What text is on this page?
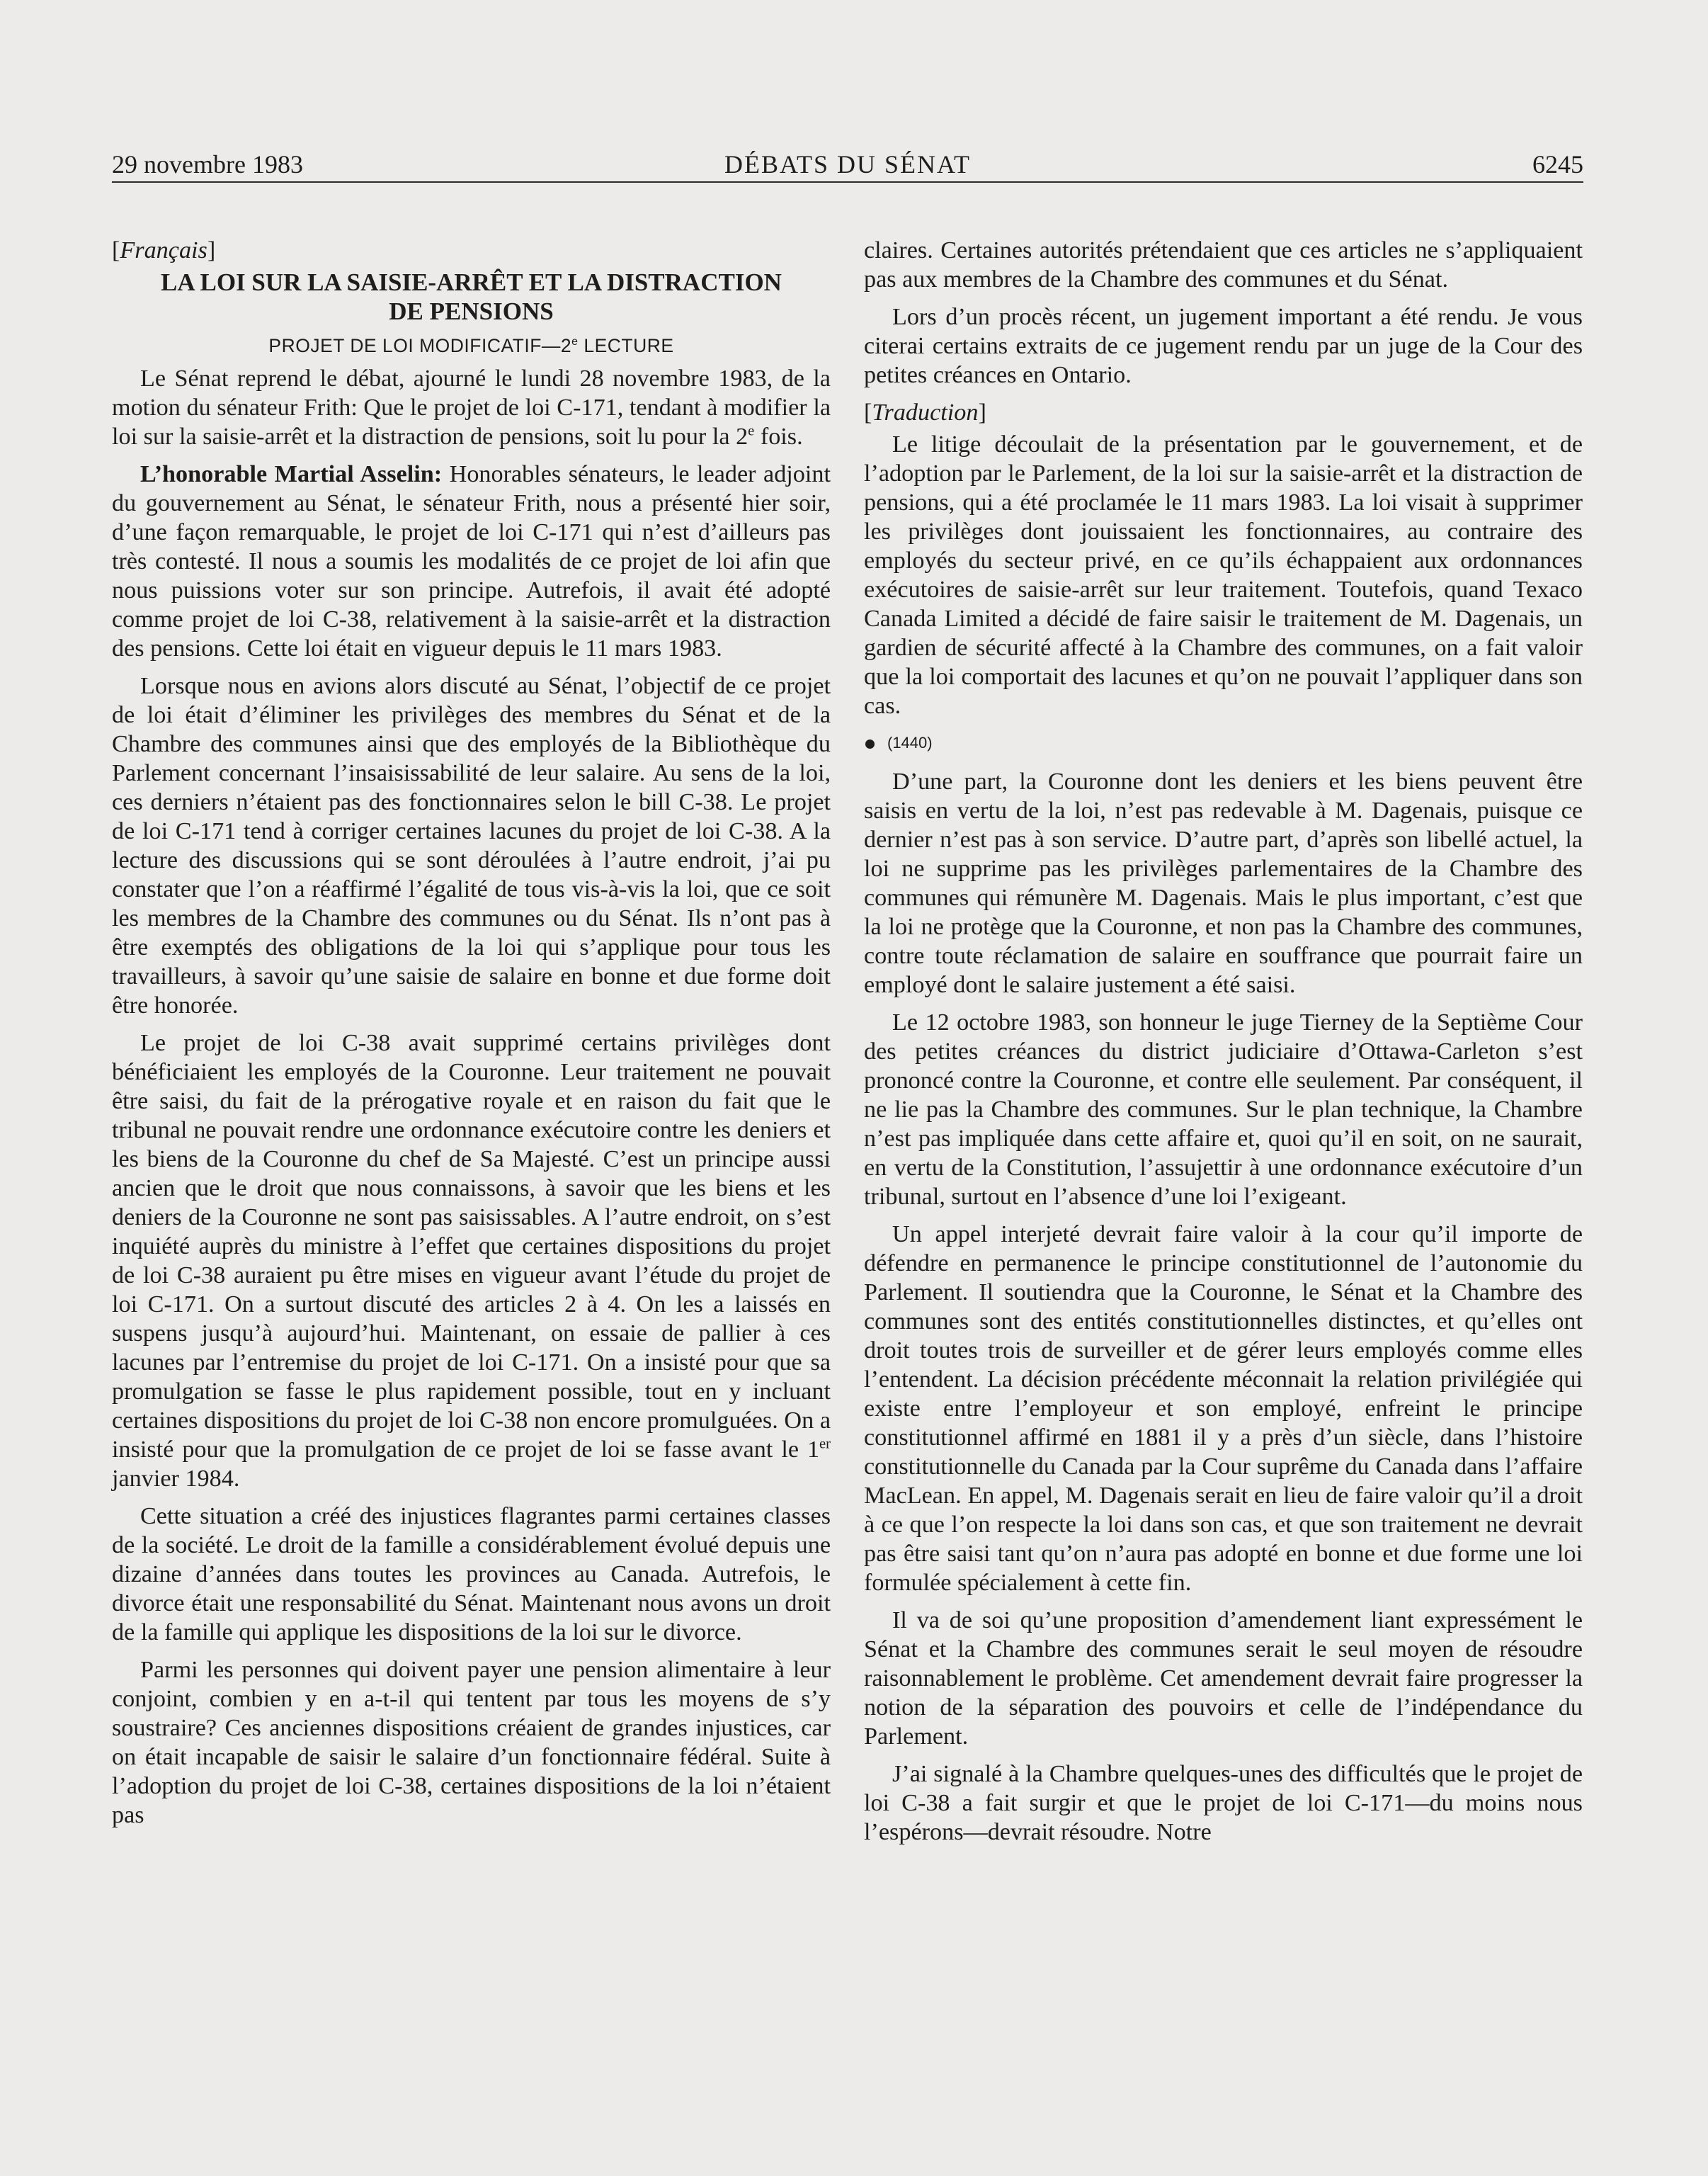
29 novembre 1983	DÉBATS DU SÉNAT	6245

[Français]

LA LOI SUR LA SAISIE-ARRÊT ET LA DISTRACTION
DE PENSIONS
PROJET DE LOI MODIFICATIF—2e LECTURE

Le Sénat reprend le débat, ajourné le lundi 28 novembre 1983, de la motion du sénateur Frith: Que le projet de loi C-171, tendant à modifier la loi sur la saisie-arrêt et la distraction de pensions, soit lu pour la 2e fois.

L’honorable Martial Asselin: Honorables sénateurs, le leader adjoint du gouvernement au Sénat, le sénateur Frith, nous a présenté hier soir, d’une façon remarquable, le projet de loi C-171 qui n’est d’ailleurs pas très contesté. Il nous a soumis les modalités de ce projet de loi afin que nous puissions voter sur son principe. Autrefois, il avait été adopté comme projet de loi C-38, relativement à la saisie-arrêt et la distraction des pensions. Cette loi était en vigueur depuis le 11 mars 1983.

Lorsque nous en avions alors discuté au Sénat, l’objectif de ce projet de loi était d’éliminer les privilèges des membres du Sénat et de la Chambre des communes ainsi que des employés de la Bibliothèque du Parlement concernant l’insaisissabilité de leur salaire. Au sens de la loi, ces derniers n’étaient pas des fonctionnaires selon le bill C-38. Le projet de loi C-171 tend à corriger certaines lacunes du projet de loi C-38. A la lecture des discussions qui se sont déroulées à l’autre endroit, j’ai pu constater que l’on a réaffirmé l’égalité de tous vis-à-vis la loi, que ce soit les membres de la Chambre des communes ou du Sénat. Ils n’ont pas à être exemptés des obligations de la loi qui s’applique pour tous les travailleurs, à savoir qu’une saisie de salaire en bonne et due forme doit être honorée.

Le projet de loi C-38 avait supprimé certains privilèges dont bénéficiaient les employés de la Couronne. Leur traitement ne pouvait être saisi, du fait de la prérogative royale et en raison du fait que le tribunal ne pouvait rendre une ordonnance exécutoire contre les deniers et les biens de la Couronne du chef de Sa Majesté. C’est un principe aussi ancien que le droit que nous connaissons, à savoir que les biens et les deniers de la Couronne ne sont pas saisissables. A l’autre endroit, on s’est inquiété auprès du ministre à l’effet que certaines dispositions du projet de loi C-38 auraient pu être mises en vigueur avant l’étude du projet de loi C-171. On a surtout discuté des articles 2 à 4. On les a laissés en suspens jusqu’à aujourd’hui. Maintenant, on essaie de pallier à ces lacunes par l’entremise du projet de loi C-171. On a insisté pour que sa promulgation se fasse le plus rapidement possible, tout en y incluant certaines dispositions du projet de loi C-38 non encore promulguées. On a insisté pour que la promulgation de ce projet de loi se fasse avant le 1er janvier 1984.

Cette situation a créé des injustices flagrantes parmi certaines classes de la société. Le droit de la famille a considérablement évolué depuis une dizaine d’années dans toutes les provinces au Canada. Autrefois, le divorce était une responsabilité du Sénat. Maintenant nous avons un droit de la famille qui applique les dispositions de la loi sur le divorce.

Parmi les personnes qui doivent payer une pension alimentaire à leur conjoint, combien y en a-t-il qui tentent par tous les moyens de s’y soustraire? Ces anciennes dispositions créaient de grandes injustices, car on était incapable de saisir le salaire d’un fonctionnaire fédéral. Suite à l’adoption du projet de loi C-38, certaines dispositions de la loi n’étaient pas

claires. Certaines autorités prétendaient que ces articles ne s’appliquaient pas aux membres de la Chambre des communes et du Sénat.

Lors d’un procès récent, un jugement important a été rendu. Je vous citerai certains extraits de ce jugement rendu par un juge de la Cour des petites créances en Ontario.

[Traduction]

Le litige découlait de la présentation par le gouvernement, et de l’adoption par le Parlement, de la loi sur la saisie-arrêt et la distraction de pensions, qui a été proclamée le 11 mars 1983. La loi visait à supprimer les privilèges dont jouissaient les fonctionnaires, au contraire des employés du secteur privé, en ce qu’ils échappaient aux ordonnances exécutoires de saisie-arrêt sur leur traitement. Toutefois, quand Texaco Canada Limited a décidé de faire saisir le traitement de M. Dagenais, un gardien de sécurité affecté à la Chambre des communes, on a fait valoir que la loi comportait des lacunes et qu’on ne pouvait l’appliquer dans son cas.

(1440)

D’une part, la Couronne dont les deniers et les biens peuvent être saisis en vertu de la loi, n’est pas redevable à M. Dagenais, puisque ce dernier n’est pas à son service. D’autre part, d’après son libellé actuel, la loi ne supprime pas les privilèges parlementaires de la Chambre des communes qui rémunère M. Dagenais. Mais le plus important, c’est que la loi ne protège que la Couronne, et non pas la Chambre des communes, contre toute réclamation de salaire en souffrance que pourrait faire un employé dont le salaire justement a été saisi.

Le 12 octobre 1983, son honneur le juge Tierney de la Septième Cour des petites créances du district judiciaire d’Ottawa-Carleton s’est prononcé contre la Couronne, et contre elle seulement. Par conséquent, il ne lie pas la Chambre des communes. Sur le plan technique, la Chambre n’est pas impliquée dans cette affaire et, quoi qu’il en soit, on ne saurait, en vertu de la Constitution, l’assujettir à une ordonnance exécutoire d’un tribunal, surtout en l’absence d’une loi l’exigeant.

Un appel interjeté devrait faire valoir à la cour qu’il importe de défendre en permanence le principe constitutionnel de l’autonomie du Parlement. Il soutiendra que la Couronne, le Sénat et la Chambre des communes sont des entités constitutionnelles distinctes, et qu’elles ont droit toutes trois de surveiller et de gérer leurs employés comme elles l’entendent. La décision précédente méconnait la relation privilégiée qui existe entre l’employeur et son employé, enfreint le principe constitutionnel affirmé en 1881 il y a près d’un siècle, dans l’histoire constitutionnelle du Canada par la Cour suprême du Canada dans l’affaire MacLean. En appel, M. Dagenais serait en lieu de faire valoir qu’il a droit à ce que l’on respecte la loi dans son cas, et que son traitement ne devrait pas être saisi tant qu’on n’aura pas adopté en bonne et due forme une loi formulée spécialement à cette fin.

Il va de soi qu’une proposition d’amendement liant expressément le Sénat et la Chambre des communes serait le seul moyen de résoudre raisonnablement le problème. Cet amendement devrait faire progresser la notion de la séparation des pouvoirs et celle de l’indépendance du Parlement.

J’ai signalé à la Chambre quelques-unes des difficultés que le projet de loi C-38 a fait surgir et que le projet de loi C-171—du moins nous l’espérons—devrait résoudre. Notre
